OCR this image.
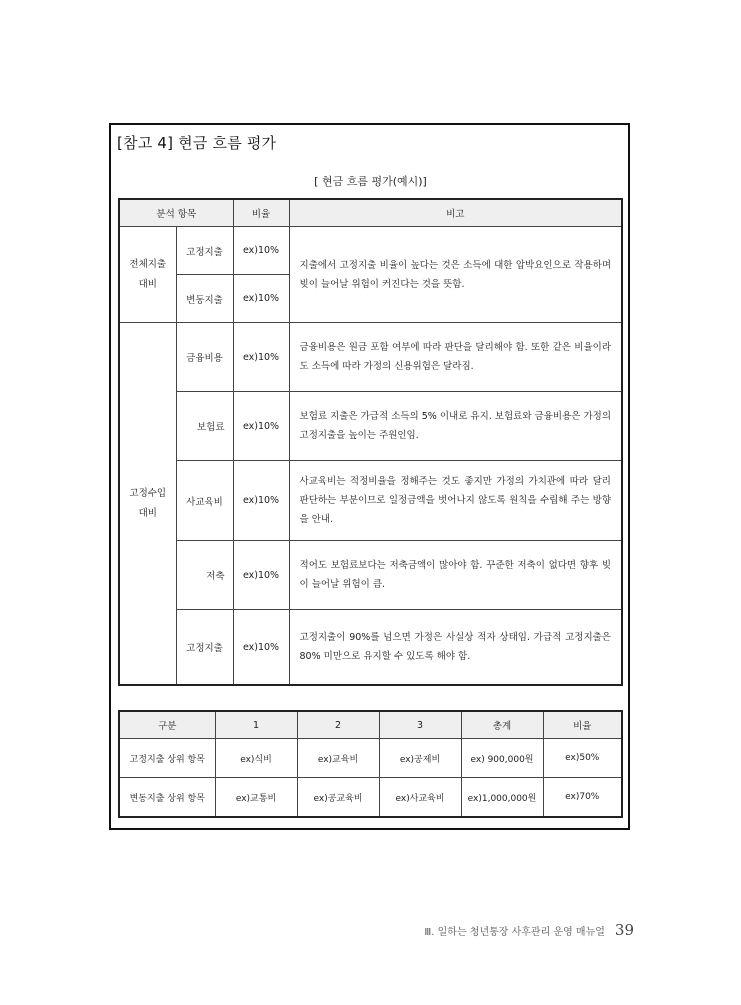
[참고 4] 현금 흐름 평가
[ 현금 흐름 평가(예시)]
분석 항목		비율	비고
전체지출
대비	고정지출	ex)10%	지출에서 고정지출 비율이 높다는 것은 소득에 대한 압박요인으로 작용하며 빚이 늘어날 위험이 커진다는 것을 뜻함.
	변동지출	ex)10%	
고정수입
대비	금융비용	ex)10%	금융비용은 원금 포함 여부에 따라 판단을 달리해야 함. 또한 같은 비율이라도 소득에 따라 가정의 신용위험은 달라짐.
	보험료	ex)10%	보험료 지출은 가급적 소득의 5% 이내로 유지. 보험료와 금융비용은 가정의 고정지출을 높이는 주원인임.
	사교육비	ex)10%	사교육비는 적정비율을 정해주는 것도 좋지만 가정의 가치관에 따라 달리 판단하는 부분이므로 일정금액을 벗어나지 않도록 원칙을 수립해 주는 방향을 안내.
	저축	ex)10%	적어도 보험료보다는 저축금액이 많아야 함. 꾸준한 저축이 없다면 향후 빚이 늘어날 위험이 큼.
	고정지출	ex)10%	고정지출이 90%를 넘으면 가정은 사실상 적자 상태임. 가급적 고정지출은 80% 미만으로 유지할 수 있도록 해야 함.
구분	1	2	3	총계	비율
고정지출 상위 항목	ex)식비	ex)교육비	ex)공제비	ex) 900,000원	ex)50%
변동지출 상위 항목	ex)교통비	ex)공교육비	ex)사교육비	ex)1,000,000원	ex)70%
Ⅲ. 일하는 청년통장 사후관리 운영 매뉴얼 39
